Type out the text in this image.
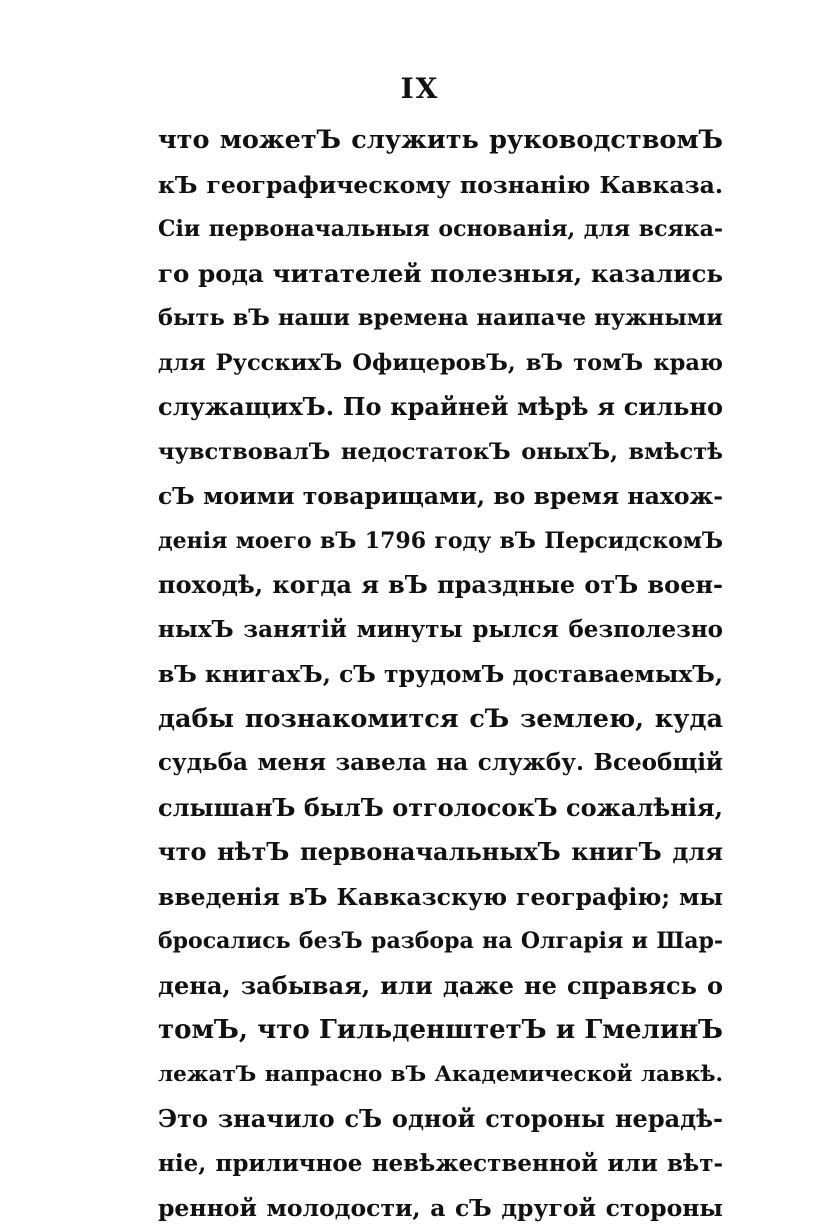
IX
что можетЪ служить руководствомЪ
кЪ географическому познанію Кавказа.
Сіи первоначальныя основанія, для всяка-
го рода читателей полезныя, казались
быть вЪ наши времена наипаче нужными
для РусскихЪ ОфицеровЪ, вЪ томЪ краю
служащихЪ. По крайней мѣрѣ я сильно
чувствовалЪ недостатокЪ оныхЪ, вмѣстѣ
сЪ моими товарищами, во время нахож-
денія моего вЪ 1796 году вЪ ПерсидскомЪ
походѣ, когда я вЪ праздные отЪ воен-
ныхЪ занятій минуты рылся безполезно
вЪ книгахЪ, сЪ трудомЪ доставаемыхЪ,
дабы познакомится сЪ землею, куда
судьба меня завела на службу. Всеобщій
слышанЪ былЪ отголосокЪ сожалѣнія,
что нѣтЪ первоначальныхЪ книгЪ для
введенія вЪ Кавказскую географію; мы
бросались безЪ разбора на Олгарія и Шар-
дена, забывая, или даже не справясь о
томЪ, что ГильденштетЪ и ГмелинЪ
лежатЪ напрасно вЪ Академической лавкѣ.
Это значило сЪ одной стороны нерадѣ-
ніе, приличное невѣжественной или вѣт-
ренной молодости, а сЪ другой стороны
